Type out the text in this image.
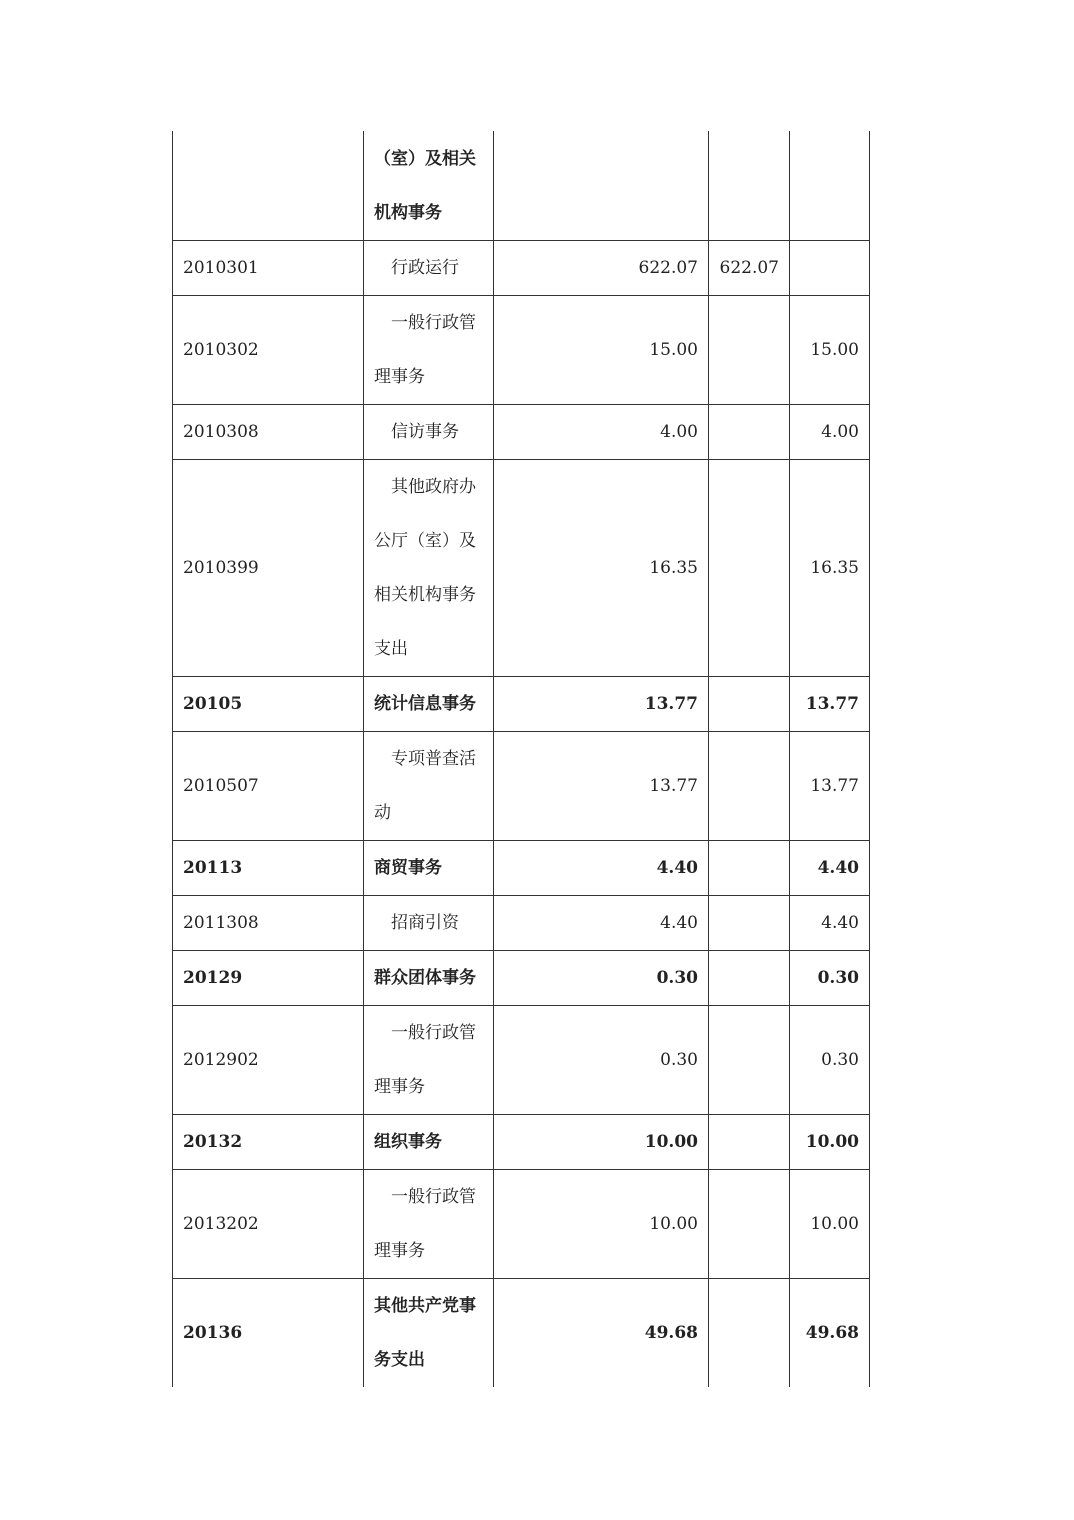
	（室）及相关机构事务			

2010301	行政运行	622.07	622.07	
2010302	一般行政管理事务	15.00		15.00
2010308	信访事务	4.00		4.00
2010399	其他政府办公厅（室）及相关机构事务支出	16.35		16.35
20105	统计信息事务	13.77		13.77
2010507	专项普查活动	13.77		13.77
20113	商贸事务	4.40		4.40
2011308	招商引资	4.40		4.40
20129	群众团体事务	0.30		0.30
2012902	一般行政管理事务	0.30		0.30
20132	组织事务	10.00		10.00
2013202	一般行政管理事务	10.00		10.00
20136	其他共产党事务支出	49.68		49.68
